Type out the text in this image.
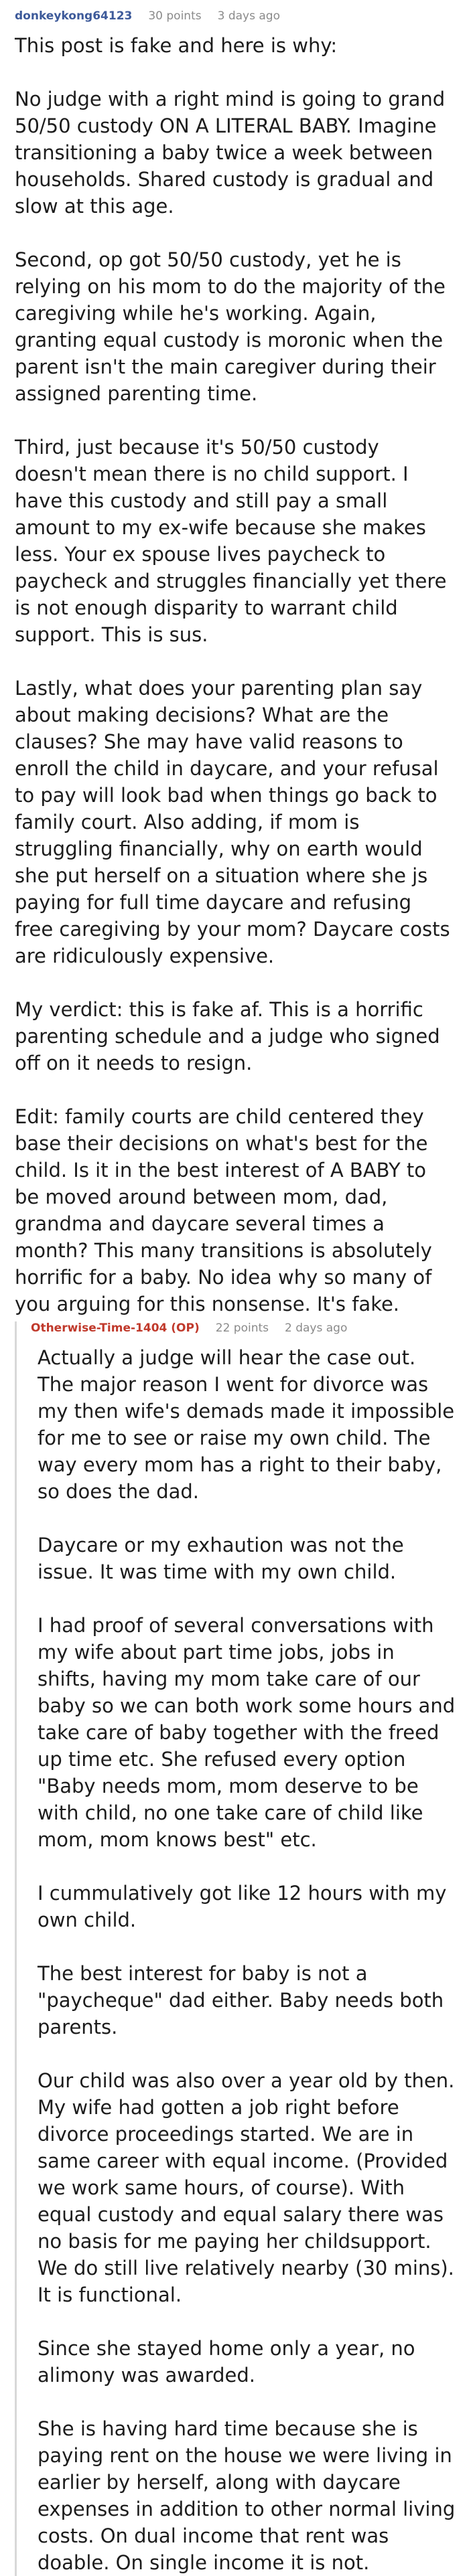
donkeykong64123 30 points 3 days ago

This post is fake and here is why:

No judge with a right mind is going to grand 50/50 custody ON A LITERAL BABY. Imagine transitioning a baby twice a week between households. Shared custody is gradual and slow at this age.

Second, op got 50/50 custody, yet he is relying on his mom to do the majority of the caregiving while he's working. Again, granting equal custody is moronic when the parent isn't the main caregiver during their assigned parenting time.

Third, just because it's 50/50 custody doesn't mean there is no child support. I have this custody and still pay a small amount to my ex-wife because she makes less. Your ex spouse lives paycheck to paycheck and struggles financially yet there is not enough disparity to warrant child support. This is sus.

Lastly, what does your parenting plan say about making decisions? What are the clauses? She may have valid reasons to enroll the child in daycare, and your refusal to pay will look bad when things go back to family court. Also adding, if mom is struggling financially, why on earth would she put herself on a situation where she js paying for full time daycare and refusing free caregiving by your mom? Daycare costs are ridiculously expensive.

My verdict: this is fake af. This is a horrific parenting schedule and a judge who signed off on it needs to resign.

Edit: family courts are child centered they base their decisions on what's best for the child. Is it in the best interest of A BABY to be moved around between mom, dad, grandma and daycare several times a month? This many transitions is absolutely horrific for a baby. No idea why so many of you arguing for this nonsense. It's fake.

Otherwise-Time-1404 (OP) 22 points 2 days ago

Actually a judge will hear the case out. The major reason I went for divorce was my then wife's demads made it impossible for me to see or raise my own child. The way every mom has a right to their baby, so does the dad.

Daycare or my exhaution was not the issue. It was time with my own child.

I had proof of several conversations with my wife about part time jobs, jobs in shifts, having my mom take care of our baby so we can both work some hours and take care of baby together with the freed up time etc. She refused every option "Baby needs mom, mom deserve to be with child, no one take care of child like mom, mom knows best" etc.

I cummulatively got like 12 hours with my own child.

The best interest for baby is not a "paycheque" dad either. Baby needs both parents.

Our child was also over a year old by then. My wife had gotten a job right before divorce proceedings started. We are in same career with equal income. (Provided we work same hours, of course). With equal custody and equal salary there was no basis for me paying her childsupport. We do still live relatively nearby (30 mins). It is functional.

Since she stayed home only a year, no alimony was awarded.

She is having hard time because she is paying rent on the house we were living in earlier by herself, along with daycare expenses in addition to other normal living costs. On dual income that rent was doable. On single income it is not.
